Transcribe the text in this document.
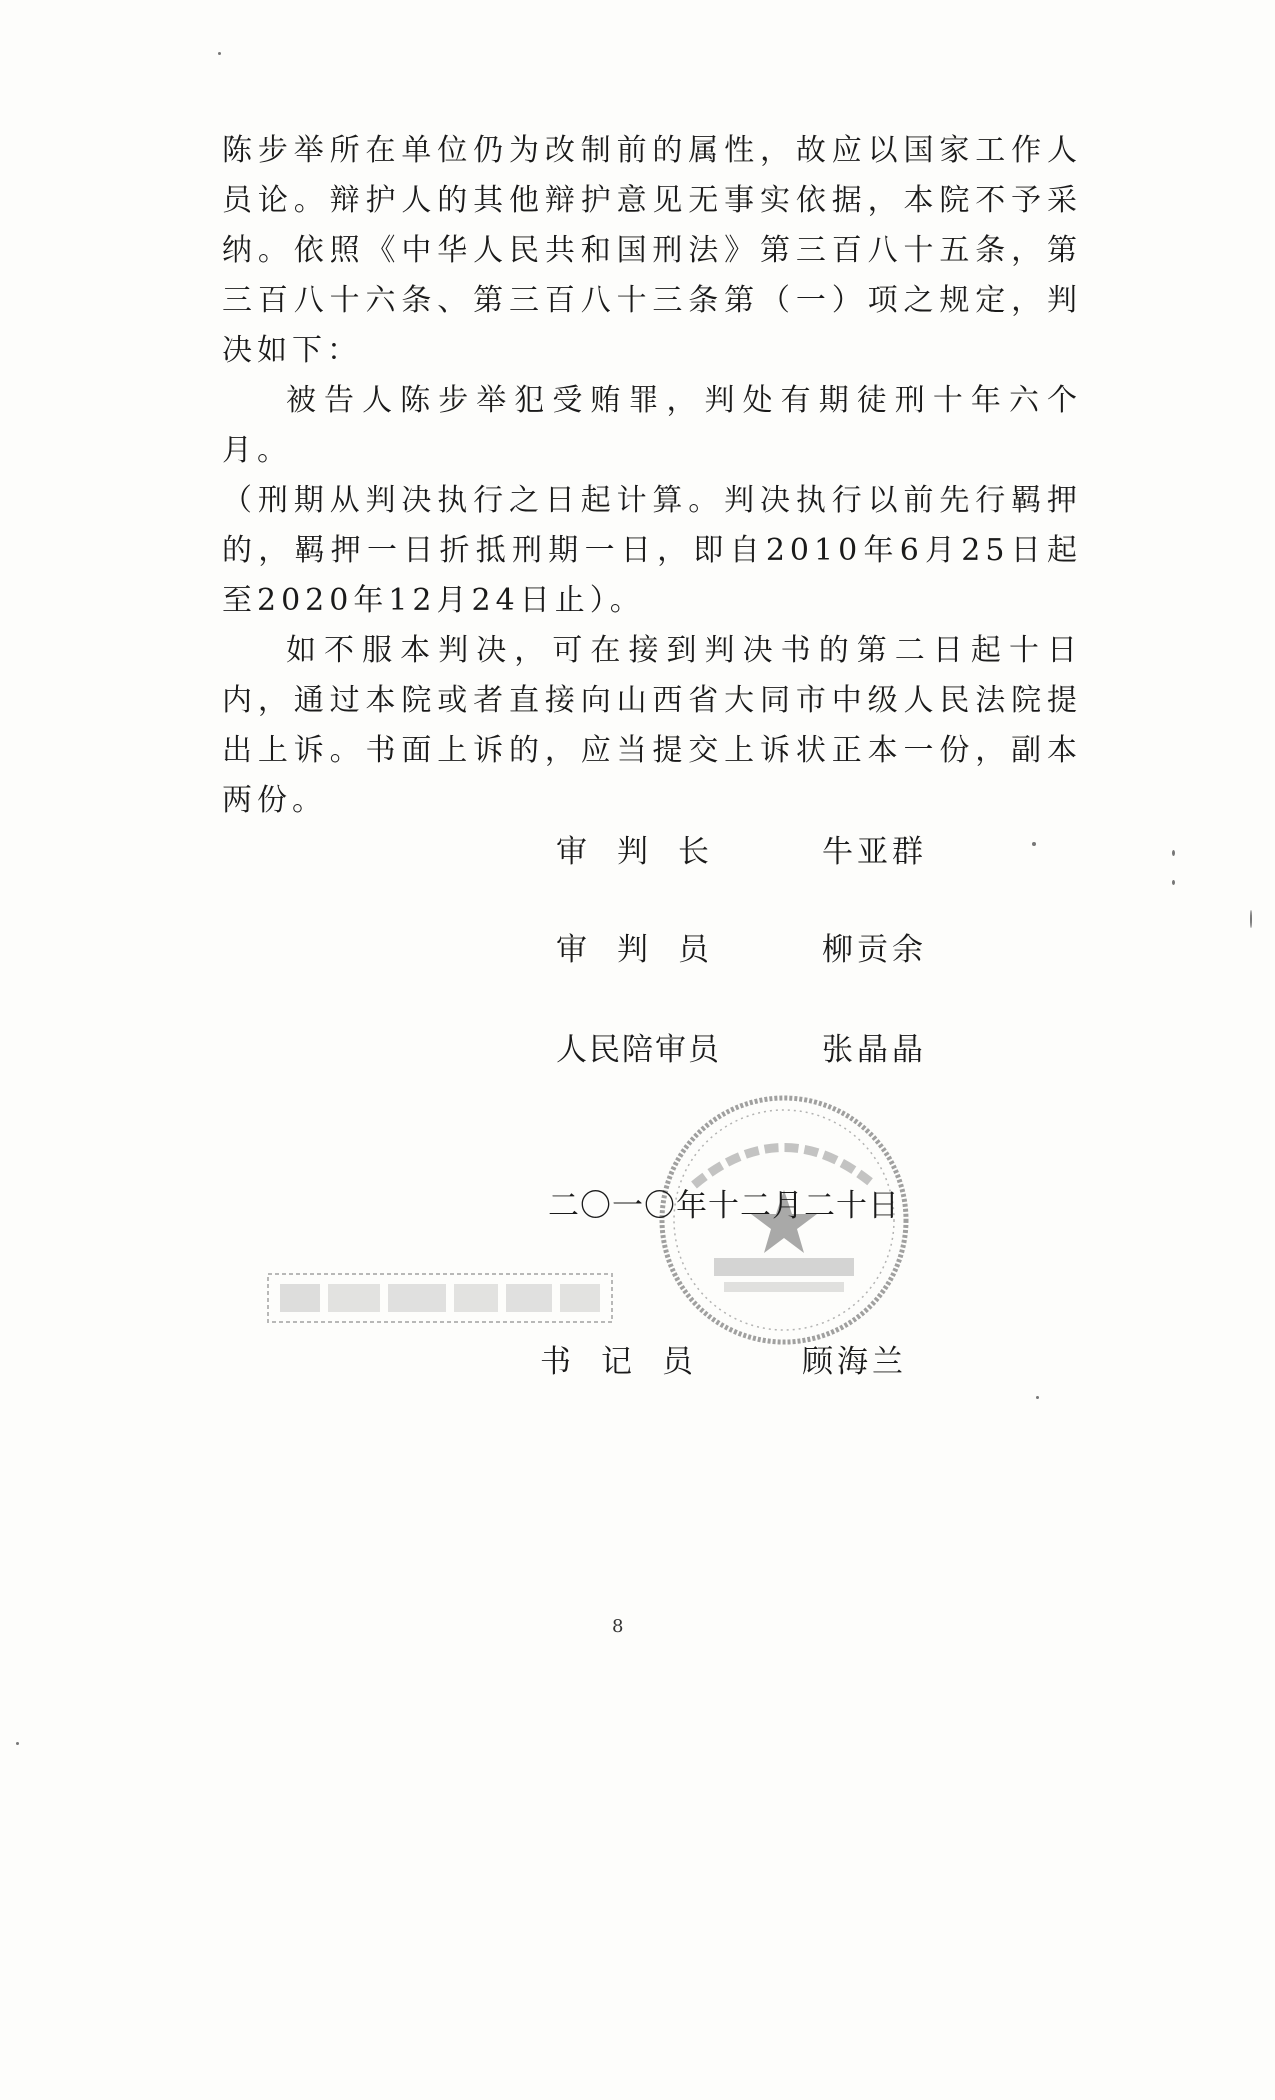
陈步举所在单位仍为改制前的属性，故应以国家工作人员论。辩护人的其他辩护意见无事实依据，本院不予采纳。依照《中华人民共和国刑法》第三百八十五条，第三百八十六条、第三百八十三条第（一）项之规定，判决如下：

被告人陈步举犯受贿罪，判处有期徒刑十年六个月。

（刑期从判决执行之日起计算。判决执行以前先行羁押的，羁押一日折抵刑期一日，即自2010年6月25日起至2020年12月24日止）。

如不服本判决，可在接到判决书的第二日起十日内，通过本院或者直接向山西省大同市中级人民法院提出上诉。书面上诉的，应当提交上诉状正本一份，副本两份。

审判长	牛亚群
审判员	柳贡余
人民陪审员	张晶晶
二〇一〇年十二月二十日
书记员	顾海兰
8
